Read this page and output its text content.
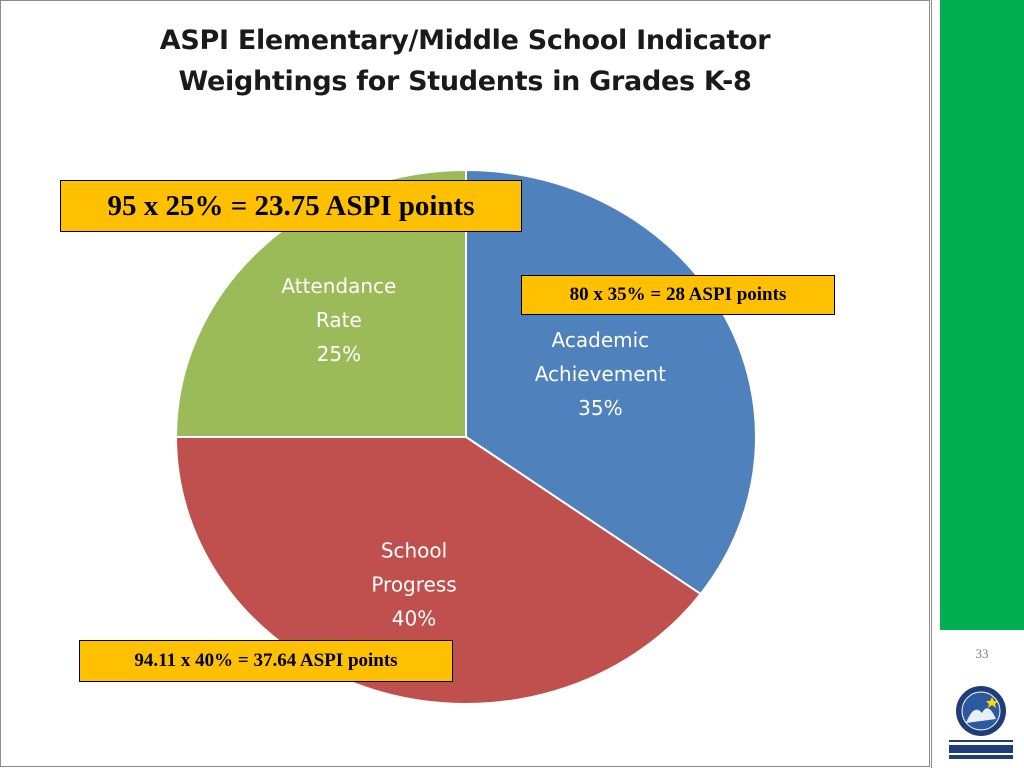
ASPI Elementary/Middle School Indicator
Weightings for Students in Grades K-8
Academic Achievement 35%
School Progress 40%
Attendance Rate 25%
95 x 25% = 23.75 ASPI points
80 x 35% = 28 ASPI points
94.11 x 40% = 37.64 ASPI points	33
